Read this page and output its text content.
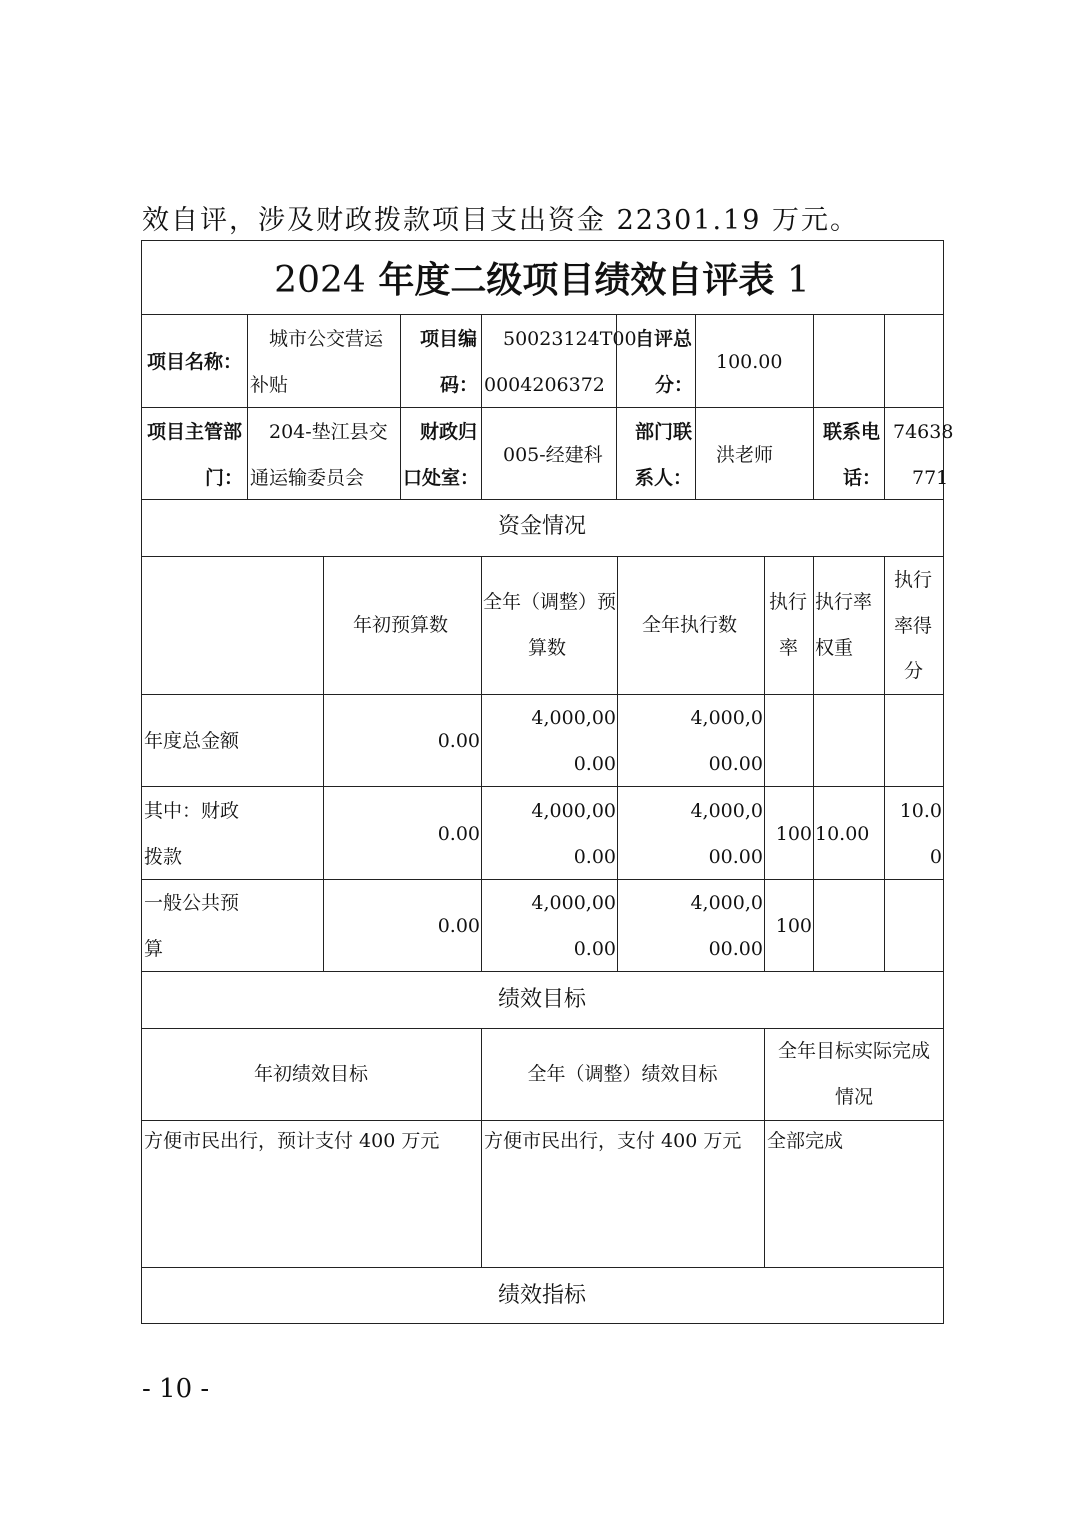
效自评，涉及财政拨款项目支出资金 22301.19 万元。
2024 年度二级项目绩效自评表 1
项目名称：
城市公交营运
补贴
项目编
码：
50023124T00
0004206372
自评总
分：
100.00
项目主管部
门：
204-垫江县交
通运输委员会
财政归
口处室：
005-经建科
部门联
系人：
洪老师
联系电
话：
74638
771
资金情况
年初预算数
全年（调整）预
算数
全年执行数
执行
率
执行率
权重
执行
率得
分
年度总金额	0.00
4,000,00
0.00
4,000,0
00.00
其中：财政
拨款
0.00
4,000,00
0.00
4,000,0
00.00
100 10.00
10.0
0
一般公共预
算
0.00
4,000,00
0.00
4,000,0
00.00
100
绩效目标
年初绩效目标	全年（调整）绩效目标
全年目标实际完成
情况
方便市民出行，预计支付 400 万元 方便市民出行，支付 400 万元 全部完成
绩效指标
- 10 -
